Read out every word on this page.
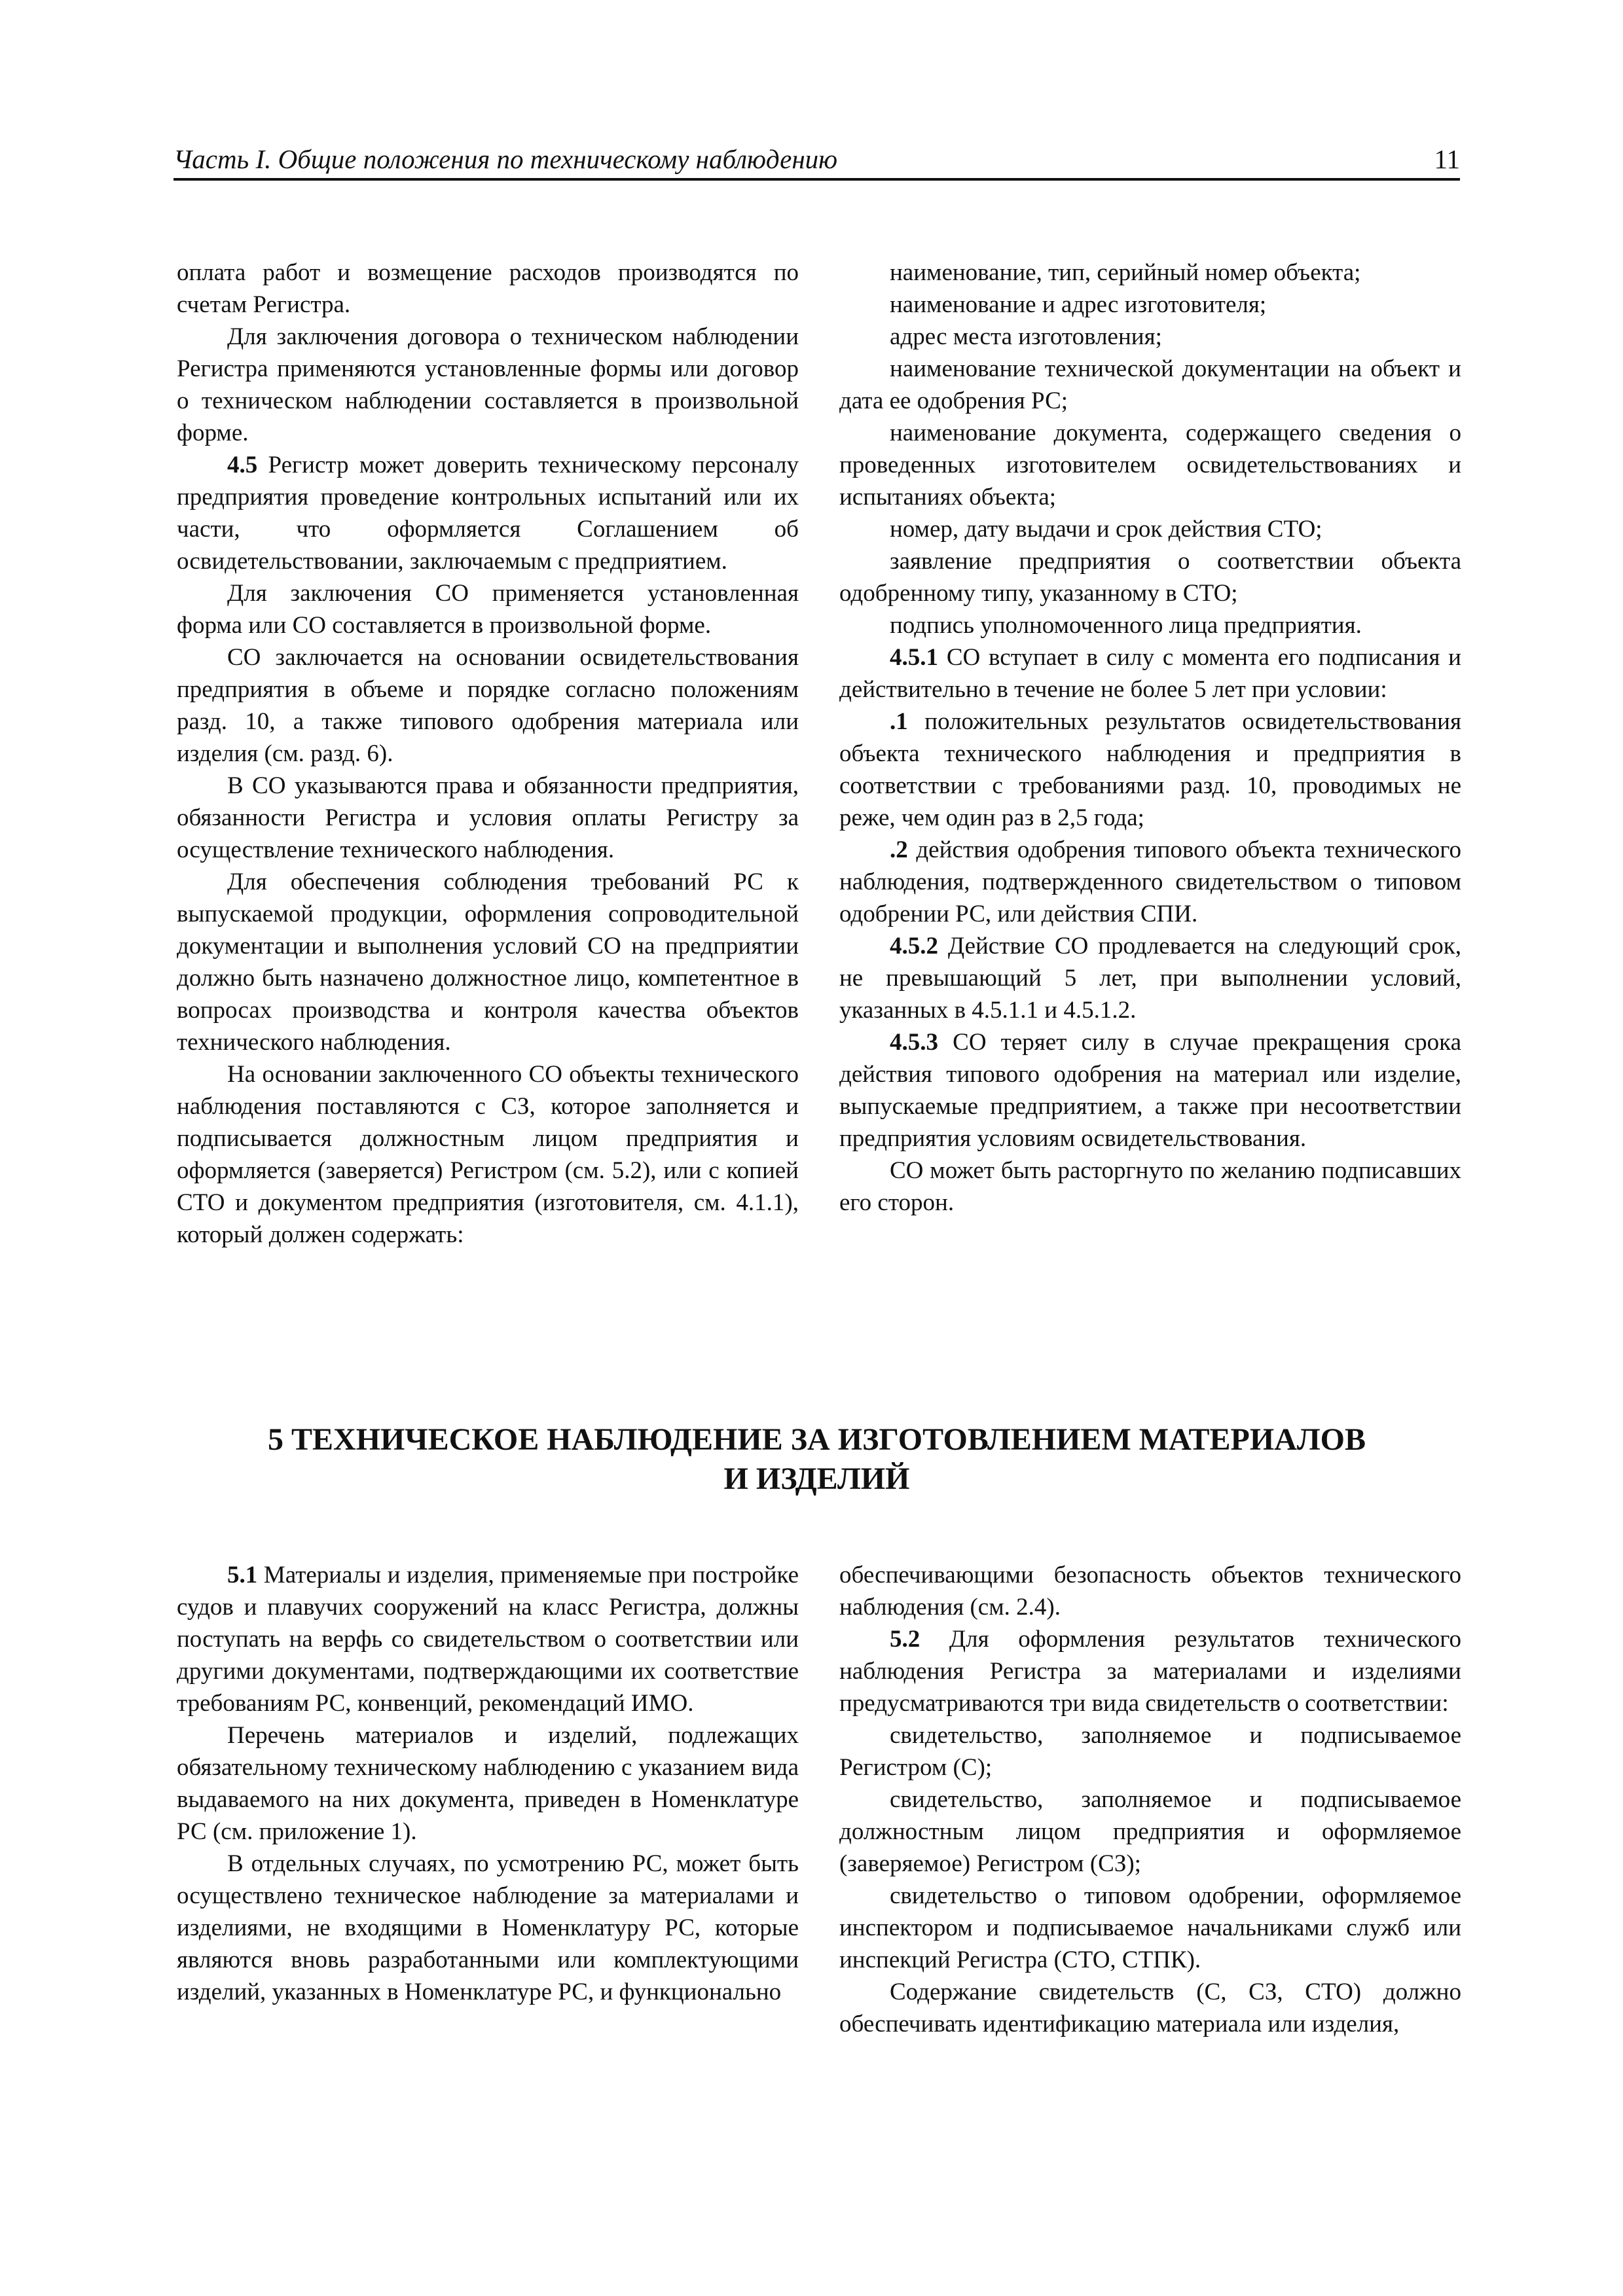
Часть I. Общие положения по техническому наблюдению	11

оплата работ и возмещение расходов производятся по счетам Регистра.

Для заключения договора о техническом наблюдении Регистра применяются установленные формы или договор о техническом наблюдении составляется в произвольной форме.

4.5 Регистр может доверить техническому персоналу предприятия проведение контрольных испытаний или их части, что оформляется Соглашением об освидетельствовании, заключаемым с предприятием.

Для заключения СО применяется установленная форма или СО составляется в произвольной форме.

СО заключается на основании освидетельствования предприятия в объеме и порядке согласно положениям разд. 10, а также типового одобрения материала или изделия (см. разд. 6).

В СО указываются права и обязанности предприятия, обязанности Регистра и условия оплаты Регистру за осуществление технического наблюдения.

Для обеспечения соблюдения требований РС к выпускаемой продукции, оформления сопроводительной документации и выполнения условий СО на предприятии должно быть назначено должностное лицо, компетентное в вопросах производства и контроля качества объектов технического наблюдения.

На основании заключенного СО объекты технического наблюдения поставляются с СЗ, которое заполняется и подписывается должностным лицом предприятия и оформляется (заверяется) Регистром (см. 5.2), или с копией СТО и документом предприятия (изготовителя, см. 4.1.1), который должен содержать:

наименование, тип, серийный номер объекта;

наименование и адрес изготовителя;

адрес места изготовления;

наименование технической документации на объект и дата ее одобрения РС;

наименование документа, содержащего сведения о проведенных изготовителем освидетельствованиях и испытаниях объекта;

номер, дату выдачи и срок действия СТО;

заявление предприятия о соответствии объекта одобренному типу, указанному в СТО;

подпись уполномоченного лица предприятия.

4.5.1 СО вступает в силу с момента его подписания и действительно в течение не более 5 лет при условии:

.1 положительных результатов освидетельствования объекта технического наблюдения и предприятия в соответствии с требованиями разд. 10, проводимых не реже, чем один раз в 2,5 года;

.2 действия одобрения типового объекта технического наблюдения, подтвержденного свидетельством о типовом одобрении РС, или действия СПИ.

4.5.2 Действие СО продлевается на следующий срок, не превышающий 5 лет, при выполнении условий, указанных в 4.5.1.1 и 4.5.1.2.

4.5.3 СО теряет силу в случае прекращения срока действия типового одобрения на материал или изделие, выпускаемые предприятием, а также при несоответствии предприятия условиям освидетельствования.

СО может быть расторгнуто по желанию подписавших его сторон.

5 ТЕХНИЧЕСКОЕ НАБЛЮДЕНИЕ ЗА ИЗГОТОВЛЕНИЕМ МАТЕРИАЛОВ
И ИЗДЕЛИЙ

5.1 Материалы и изделия, применяемые при постройке судов и плавучих сооружений на класс Регистра, должны поступать на верфь со свидетельством о соответствии или другими документами, подтверждающими их соответствие требованиям РС, конвенций, рекомендаций ИМО.

Перечень материалов и изделий, подлежащих обязательному техническому наблюдению с указанием вида выдаваемого на них документа, приведен в Номенклатуре РС (см. приложение 1).

В отдельных случаях, по усмотрению РС, может быть осуществлено техническое наблюдение за материалами и изделиями, не входящими в Номенклатуру РС, которые являются вновь разработанными или комплектующими изделий, указанных в Номенклатуре РС, и функционально

обеспечивающими безопасность объектов технического наблюдения (см. 2.4).

5.2 Для оформления результатов технического наблюдения Регистра за материалами и изделиями предусматриваются три вида свидетельств о соответствии:

свидетельство, заполняемое и подписываемое Регистром (С);

свидетельство, заполняемое и подписываемое должностным лицом предприятия и оформляемое (заверяемое) Регистром (СЗ);

свидетельство о типовом одобрении, оформляемое инспектором и подписываемое начальниками служб или инспекций Регистра (СТО, СТПК).

Содержание свидетельств (С, СЗ, СТО) должно обеспечивать идентификацию материала или изделия,
